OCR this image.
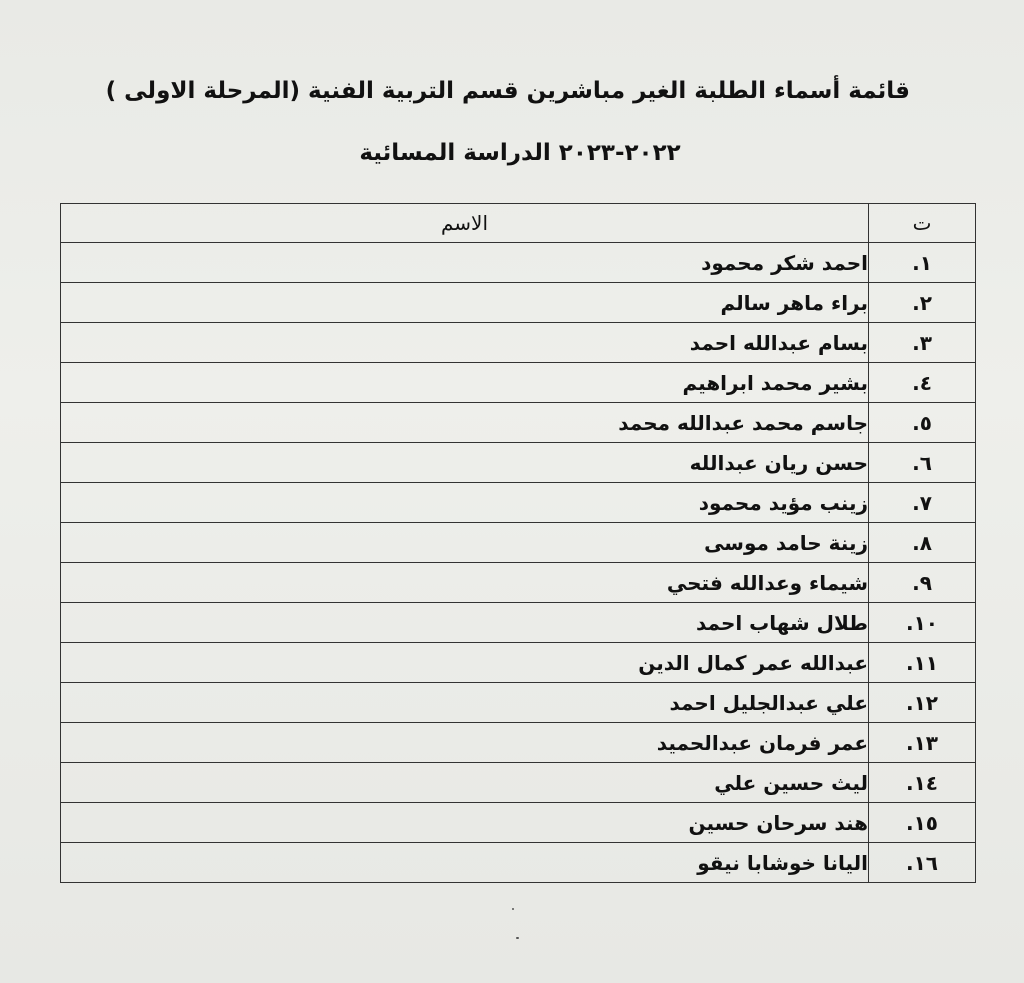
قائمة أسماء الطلبة الغير مباشرين قسم التربية الفنية (المرحلة الاولى )
٢٠٢٢-٢٠٢٣ الدراسة المسائية
ت	الاسم
١.	احمد شكر محمود
٢.	براء ماهر سالم
٣.	بسام عبدالله احمد
٤.	بشير محمد ابراهيم
٥.	جاسم محمد عبدالله محمد
٦.	حسن ريان عبدالله
٧.	زينب مؤيد محمود
٨.	زينة حامد موسى
٩.	شيماء وعدالله فتحي
١٠.	طلال شهاب احمد
١١.	عبدالله عمر كمال الدين
١٢.	علي عبدالجليل احمد
١٣.	عمر فرمان عبدالحميد
١٤.	ليث حسين علي
١٥.	هند سرحان حسين
١٦.	اليانا خوشابا نيقو
